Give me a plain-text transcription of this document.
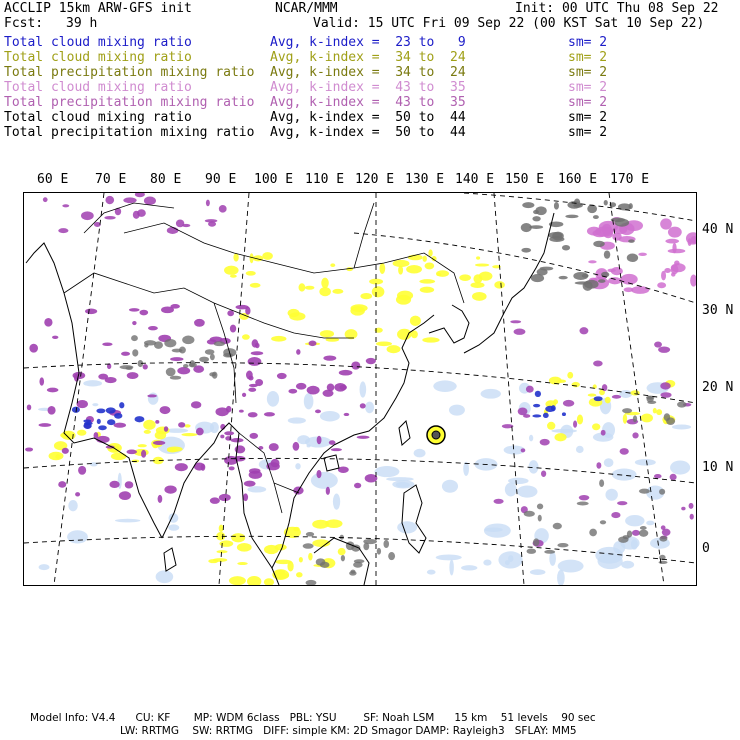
ACCLIP 15km ARW-GFS init	NCAR/MMM	Init: 00 UTC Thu 08 Sep 22
Fcst: 39 h	Valid: 15 UTC Fri 09 Sep 22 (00 KST Sat 10 Sep 22)
Total cloud mixing ratio	Avg, k-index =  23 to   9	sm= 2
Total cloud mixing ratio	Avg, k-index =  34 to  24	sm= 2
Total precipitation mixing ratio Avg, k-index =  34 to  24	sm= 2
Total cloud mixing ratio	Avg, k-index =  43 to  35	sm= 2
Total precipitation mixing ratio Avg, k-index =  43 to  35	sm= 2
Total cloud mixing ratio	Avg, k-index =  50 to  44	sm= 2
Total precipitation mixing ratio Avg, k-index =  50 to  44	sm= 2
60 E 70 E 80 E 90 E 100 E 110 E 120 E 130 E 140 E 150 E 160 E 170 E
40 N
30 N
20 N
10 N
0
Model Info: V4.4      CU: KF       MP: WDM 6class   PBL: YSU        SF: Noah LSM      15 km    51 levels    90 sec
LW: RRTMG    SW: RRTMG   DIFF: simple KM: 2D Smagor DAMP: Rayleigh3   SFLAY: MM5
